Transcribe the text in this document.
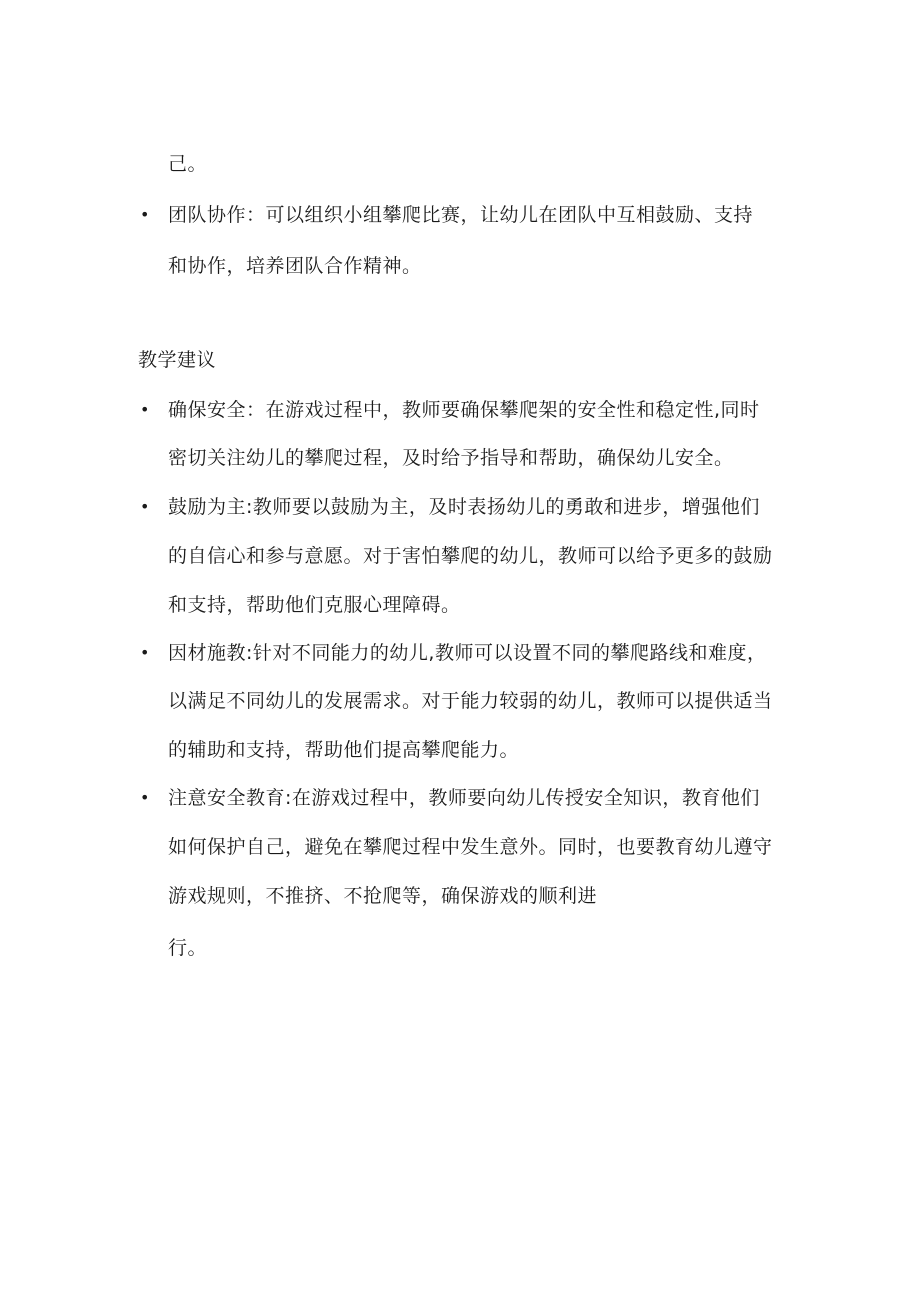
己。
• 团队协作：可以组织小组攀爬比赛，让幼儿在团队中互相鼓励、支持
和协作，培养团队合作精神。
教学建议
• 确保安全：在游戏过程中，教师要确保攀爬架的安全性和稳定性,同时
密切关注幼儿的攀爬过程，及时给予指导和帮助，确保幼儿安全。
• 鼓励为主:教师要以鼓励为主，及时表扬幼儿的勇敢和进步，增强他们
的自信心和参与意愿。对于害怕攀爬的幼儿，教师可以给予更多的鼓励
和支持，帮助他们克服心理障碍。
• 因材施教:针对不同能力的幼儿,教师可以设置不同的攀爬路线和难度，
以满足不同幼儿的发展需求。对于能力较弱的幼儿，教师可以提供适当
的辅助和支持，帮助他们提高攀爬能力。
• 注意安全教育:在游戏过程中，教师要向幼儿传授安全知识，教育他们
如何保护自己，避免在攀爬过程中发生意外。同时，也要教育幼儿遵守
游戏规则，不推挤、不抢爬等，确保游戏的顺利进
行。
